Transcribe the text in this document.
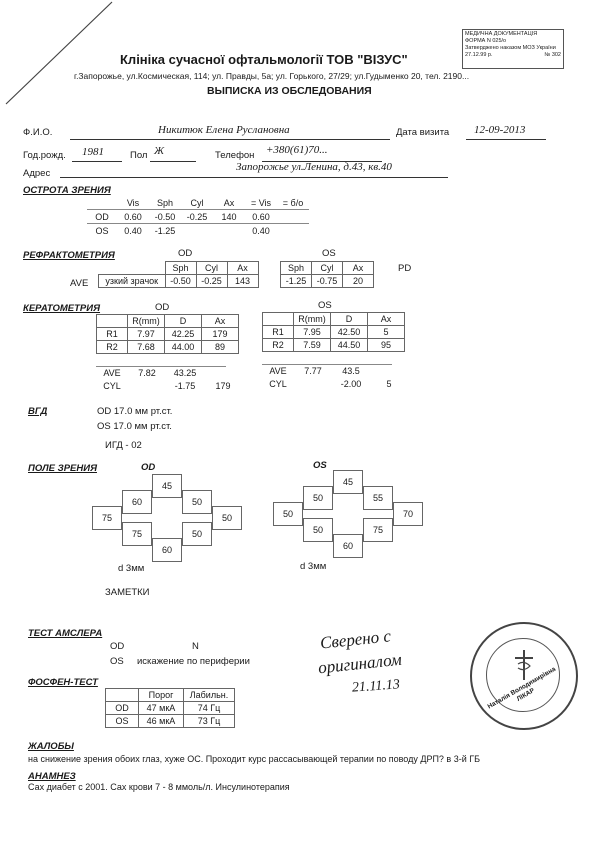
МЕДИЧНА ДОКУМЕНТАЦІЯ
ФОРМА N 025/о
Затверджено наказом МОЗ України
27.12.99 р.	№ 302
Клініка сучасної офтальмології ТОВ "ВІЗУС"
г.Запорожье, ул.Космическая, 114; ул. Правды, 5а; ул. Горького, 27/29; ул.Гудыменко 20, тел. 2190...
ВЫПИСКА ИЗ ОБСЛЕДОВАНИЯ
Ф.И.О.	Никитюк Елена Руслановна	Дата визита 12-09-2013
Год.рожд. 1981	Пол Ж	Телефон +380(61)70...
Адрес
Запорожье ул.Ленина, д.43, кв.40
ОСТРОТА ЗРЕНИЯ
	Vis	Sph	Cyl	Ax	= Vis	= б/о
OD	0.60	-0.50	-0.25	140	0.60	
OS	0.40	-1.25			0.40	
РЕФРАКТОМЕТРИЯ	OD	OS
PD
AVE
	Sph	Cyl	Ax
узкий зрачок	-0.50	-0.25	143
Sph	Cyl	Ax
-1.25	-0.75	20
КЕРАТОМЕТРИЯ	OD	OS
	R(mm)	D	Ax
R1	7.97	42.25	179
R2	7.68	44.00	89
	R(mm)	D	Ax
R1	7.95	42.50	5
R2	7.59	44.50	95
AVE	7.82	43.25	
CYL		-1.75	179
AVE	7.77	43.5	
CYL		-2.00	5
ВГД	OD 17.0 мм рт.ст.
OS 17.0 мм рт.ст.
ИГД - 02
ПОЛЕ ЗРЕНИЯ	OD	OS
45
60	50
75	50
75	50
60
45
50	55
50	70
50	75
60
d 3мм	d 3мм
ЗАМЕТКИ
ТЕСТ АМСЛЕРА
OD	N
OS искажение по периферии
ФОСФЕН-ТЕСТ
	Порог	Лабильн.
OD	47 мкА	74 Гц
OS	46 мкА	73 Гц
ЖАЛОБЫ
на снижение зрения обоих глаз, хуже ОС. Проходит курс рассасывающей терапии по поводу ДРП? в 3-й ГБ
АНАМНЕЗ
Сах диабет с 2001. Сах крови 7 - 8 ммоль/л. Инсулинотерапия
Сверено с
оригиналом
21.11.13	Наталія Володимирівна ЛІКАР
